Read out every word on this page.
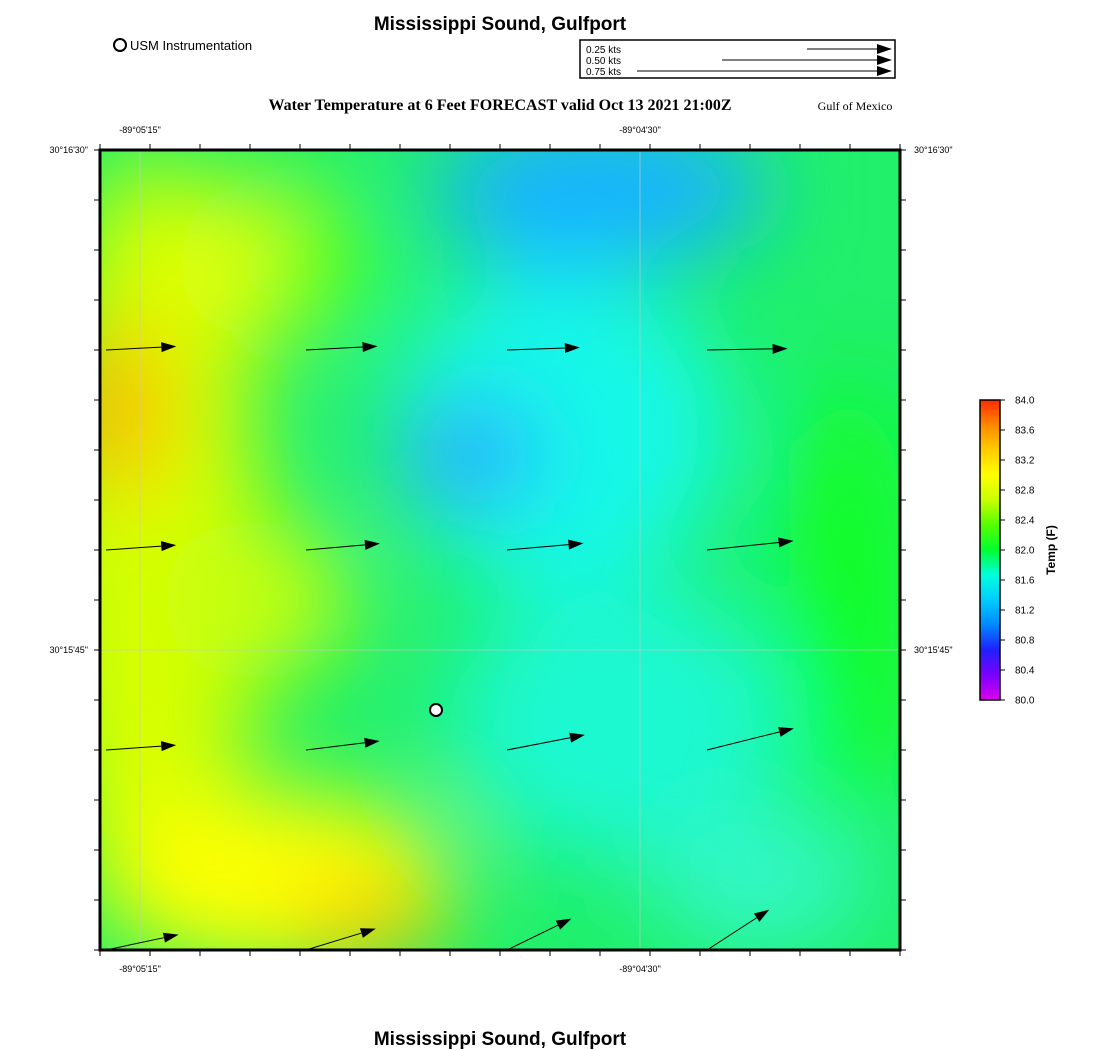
Mississippi Sound, Gulfport
USM Instrumentation	0.25 kts
0.50 kts
0.75 kts
Water Temperature at 6 Feet FORECAST valid Oct 13 2021 21:00Z	Gulf of Mexico
-89°05'15"	-89°04'30"
-89°05'15"	-89°04'30"
30°16'30"
30°15'45"
30°16'30"
30°15'45"
84.0
83.6
83.2
82.8
82.4
82.0
81.6
81.2
80.8
80.4
80.0
Temp (F)
Mississippi Sound, Gulfport
